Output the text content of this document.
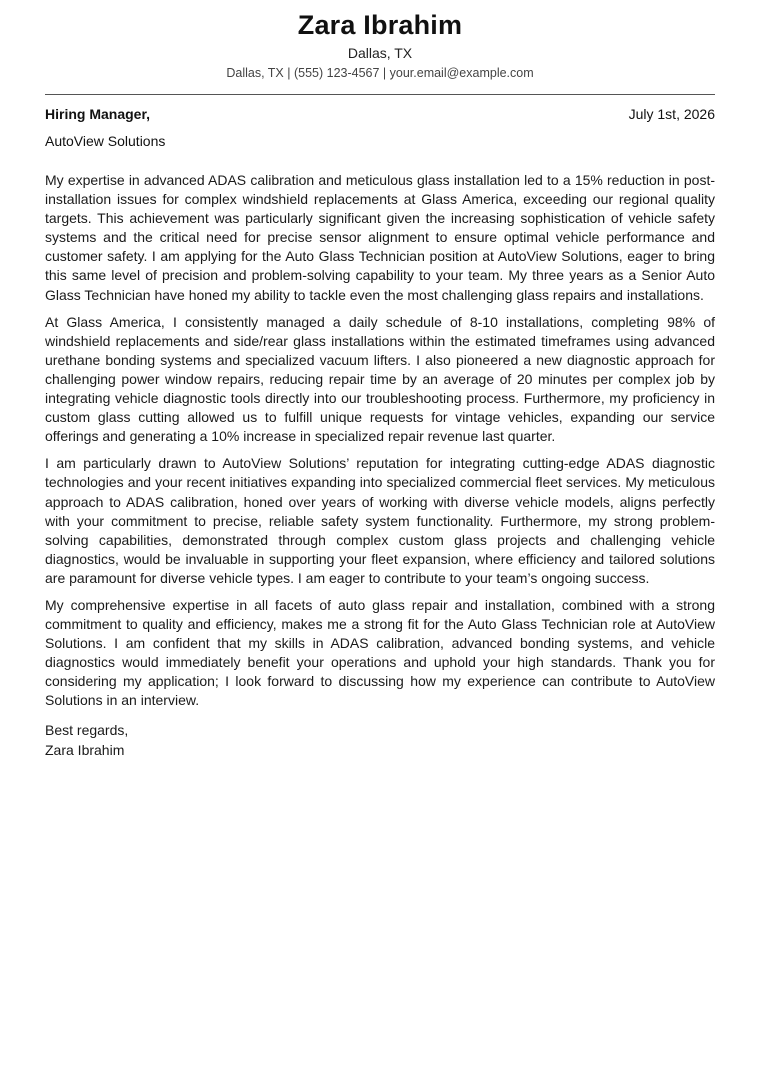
Zara Ibrahim
Dallas, TX
Dallas, TX | (555) 123-4567 | your.email@example.com
Hiring Manager,	July 1st, 2026
AutoView Solutions

My expertise in advanced ADAS calibration and meticulous glass installation led to a 15% reduction in post-installation issues for complex windshield replacements at Glass America, exceeding our regional quality targets. This achievement was particularly significant given the increasing sophistication of vehicle safety systems and the critical need for precise sensor alignment to ensure optimal vehicle performance and customer safety. I am applying for the Auto Glass Technician position at AutoView Solutions, eager to bring this same level of precision and problem-solving capability to your team. My three years as a Senior Auto Glass Technician have honed my ability to tackle even the most challenging glass repairs and installations.

At Glass America, I consistently managed a daily schedule of 8-10 installations, completing 98% of windshield replacements and side/rear glass installations within the estimated timeframes using advanced urethane bonding systems and specialized vacuum lifters. I also pioneered a new diagnostic approach for challenging power window repairs, reducing repair time by an average of 20 minutes per complex job by integrating vehicle diagnostic tools directly into our troubleshooting process. Furthermore, my proficiency in custom glass cutting allowed us to fulfill unique requests for vintage vehicles, expanding our service offerings and generating a 10% increase in specialized repair revenue last quarter.

I am particularly drawn to AutoView Solutions’ reputation for integrating cutting-edge ADAS diagnostic technologies and your recent initiatives expanding into specialized commercial fleet services. My meticulous approach to ADAS calibration, honed over years of working with diverse vehicle models, aligns perfectly with your commitment to precise, reliable safety system functionality. Furthermore, my strong problem-solving capabilities, demonstrated through complex custom glass projects and challenging vehicle diagnostics, would be invaluable in supporting your fleet expansion, where efficiency and tailored solutions are paramount for diverse vehicle types. I am eager to contribute to your team’s ongoing success.

My comprehensive expertise in all facets of auto glass repair and installation, combined with a strong commitment to quality and efficiency, makes me a strong fit for the Auto Glass Technician role at AutoView Solutions. I am confident that my skills in ADAS calibration, advanced bonding systems, and vehicle diagnostics would immediately benefit your operations and uphold your high standards. Thank you for considering my application; I look forward to discussing how my experience can contribute to AutoView Solutions in an interview.

Best regards,
Zara Ibrahim
